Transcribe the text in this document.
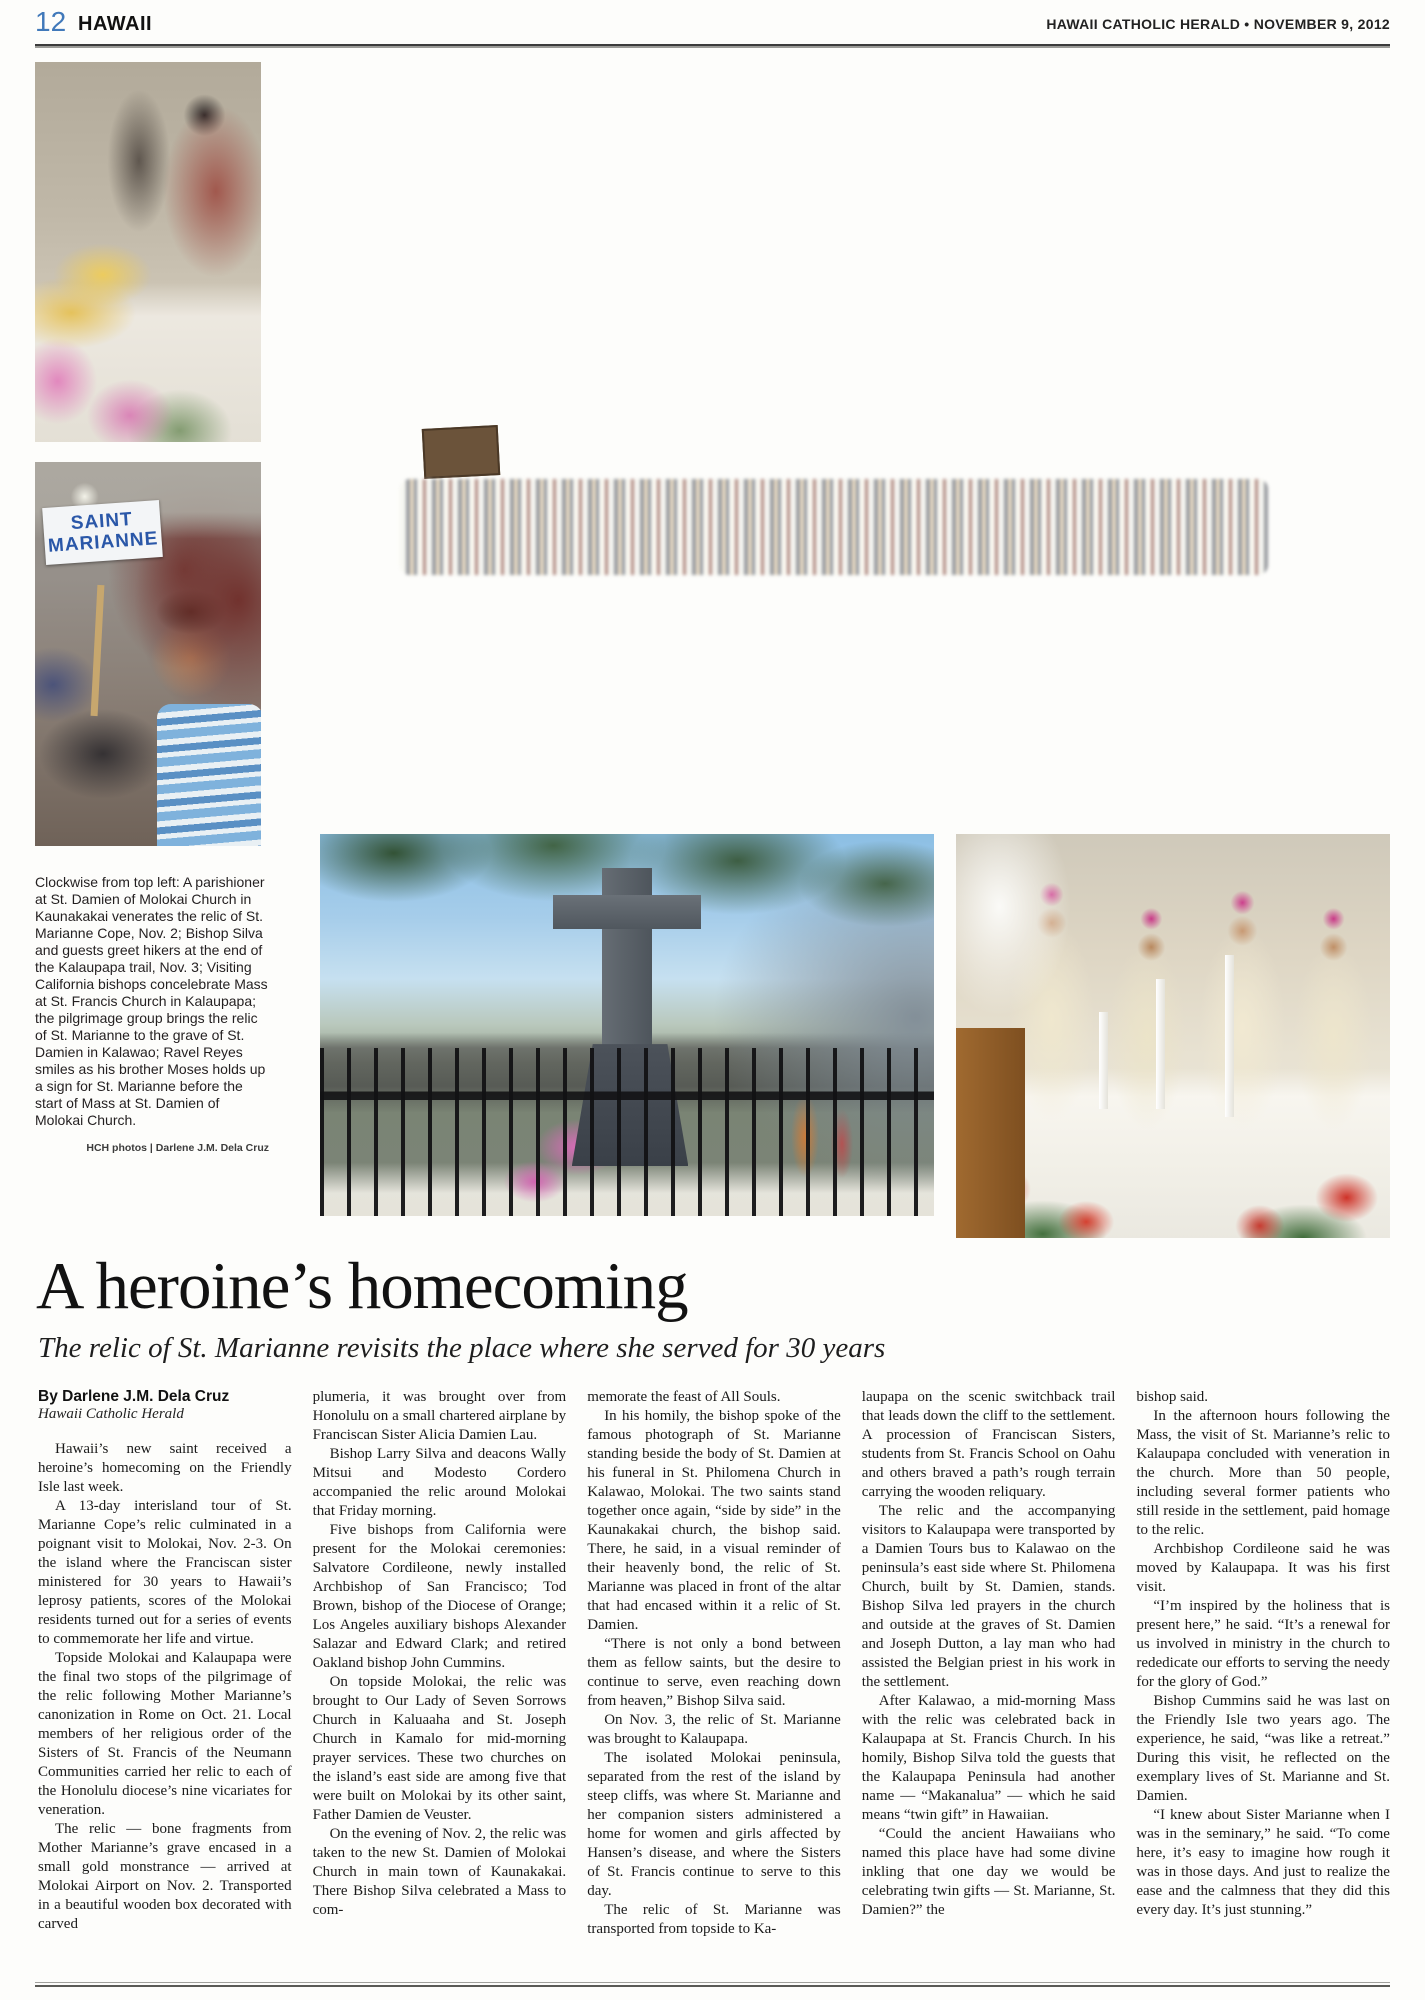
12 HAWAII	HAWAII CATHOLIC HERALD • NOVEMBER 9, 2012
SAINT
MARIANNE
Clockwise from top left: A parishioner at St. Damien of Molokai Church in Kaunakakai venerates the relic of St. Marianne Cope, Nov. 2; Bishop Silva and guests greet hikers at the end of the Kalaupapa trail, Nov. 3; Visiting California bishops concelebrate Mass at St. Francis Church in Kalaupapa; the pilgrimage group brings the relic of St. Marianne to the grave of St. Damien in Kalawao; Ravel Reyes smiles as his brother Moses holds up a sign for St. Marianne before the start of Mass at St. Damien of Molokai Church.
HCH photos | Darlene J.M. Dela Cruz
A heroine’s homecoming
The relic of St. Marianne revisits the place where she served for 30 years
By Darlene J.M. Dela Cruz
Hawaii Catholic Herald

Hawaii’s new saint received a heroine’s homecoming on the Friendly Isle last week.

A 13-day interisland tour of St. Marianne Cope’s relic culminated in a poignant visit to Molokai, Nov. 2-3. On the island where the Franciscan sister ministered for 30 years to Hawaii’s leprosy patients, scores of the Molokai residents turned out for a series of events to commemorate her life and virtue.

Topside Molokai and Kalaupapa were the final two stops of the pilgrimage of the relic following Mother Marianne’s canonization in Rome on Oct. 21. Local members of her religious order of the Sisters of St. Francis of the Neumann Communities carried her relic to each of the Honolulu diocese’s nine vicariates for veneration.

The relic — bone fragments from Mother Marianne’s grave encased in a small gold monstrance — arrived at Molokai Airport on Nov. 2. Transported in a beautiful wooden box decorated with carved

plumeria, it was brought over from Honolulu on a small chartered airplane by Franciscan Sister Alicia Damien Lau.

Bishop Larry Silva and deacons Wally Mitsui and Modesto Cordero accompanied the relic around Molokai that Friday morning.

Five bishops from California were present for the Molokai ceremonies: Salvatore Cordileone, newly installed Archbishop of San Francisco; Tod Brown, bishop of the Diocese of Orange; Los Angeles auxiliary bishops Alexander Salazar and Edward Clark; and retired Oakland bishop John Cummins.

On topside Molokai, the relic was brought to Our Lady of Seven Sorrows Church in Kaluaaha and St. Joseph Church in Kamalo for mid-morning prayer services. These two churches on the island’s east side are among five that were built on Molokai by its other saint, Father Damien de Veuster.

On the evening of Nov. 2, the relic was taken to the new St. Damien of Molokai Church in main town of Kaunakakai. There Bishop Silva celebrated a Mass to com-

memorate the feast of All Souls.

In his homily, the bishop spoke of the famous photograph of St. Marianne standing beside the body of St. Damien at his funeral in St. Philomena Church in Kalawao, Molokai. The two saints stand together once again, “side by side” in the Kaunakakai church, the bishop said. There, he said, in a visual reminder of their heavenly bond, the relic of St. Marianne was placed in front of the altar that had encased within it a relic of St. Damien.

“There is not only a bond between them as fellow saints, but the desire to continue to serve, even reaching down from heaven,” Bishop Silva said.

On Nov. 3, the relic of St. Marianne was brought to Kalaupapa.

The isolated Molokai peninsula, separated from the rest of the island by steep cliffs, was where St. Marianne and her companion sisters administered a home for women and girls affected by Hansen’s disease, and where the Sisters of St. Francis continue to serve to this day.

The relic of St. Marianne was transported from topside to Ka-

laupapa on the scenic switchback trail that leads down the cliff to the settlement. A procession of Franciscan Sisters, students from St. Francis School on Oahu and others braved a path’s rough terrain carrying the wooden reliquary.

The relic and the accompanying visitors to Kalaupapa were transported by a Damien Tours bus to Kalawao on the peninsula’s east side where St. Philomena Church, built by St. Damien, stands. Bishop Silva led prayers in the church and outside at the graves of St. Damien and Joseph Dutton, a lay man who had assisted the Belgian priest in his work in the settlement.

After Kalawao, a mid-morning Mass with the relic was celebrated back in Kalaupapa at St. Francis Church. In his homily, Bishop Silva told the guests that the Kalaupapa Peninsula had another name — “Makanalua” — which he said means “twin gift” in Hawaiian.

“Could the ancient Hawaiians who named this place have had some divine inkling that one day we would be celebrating twin gifts — St. Marianne, St. Damien?” the

bishop said.

In the afternoon hours following the Mass, the visit of St. Marianne’s relic to Kalaupapa concluded with veneration in the church. More than 50 people, including several former patients who still reside in the settlement, paid homage to the relic.

Archbishop Cordileone said he was moved by Kalaupapa. It was his first visit.

“I’m inspired by the holiness that is present here,” he said. “It’s a renewal for us involved in ministry in the church to rededicate our efforts to serving the needy for the glory of God.”

Bishop Cummins said he was last on the Friendly Isle two years ago. The experience, he said, “was like a retreat.” During this visit, he reflected on the exemplary lives of St. Marianne and St. Damien.

“I knew about Sister Marianne when I was in the seminary,” he said. “To come here, it’s easy to imagine how rough it was in those days. And just to realize the ease and the calmness that they did this every day. It’s just stunning.”
